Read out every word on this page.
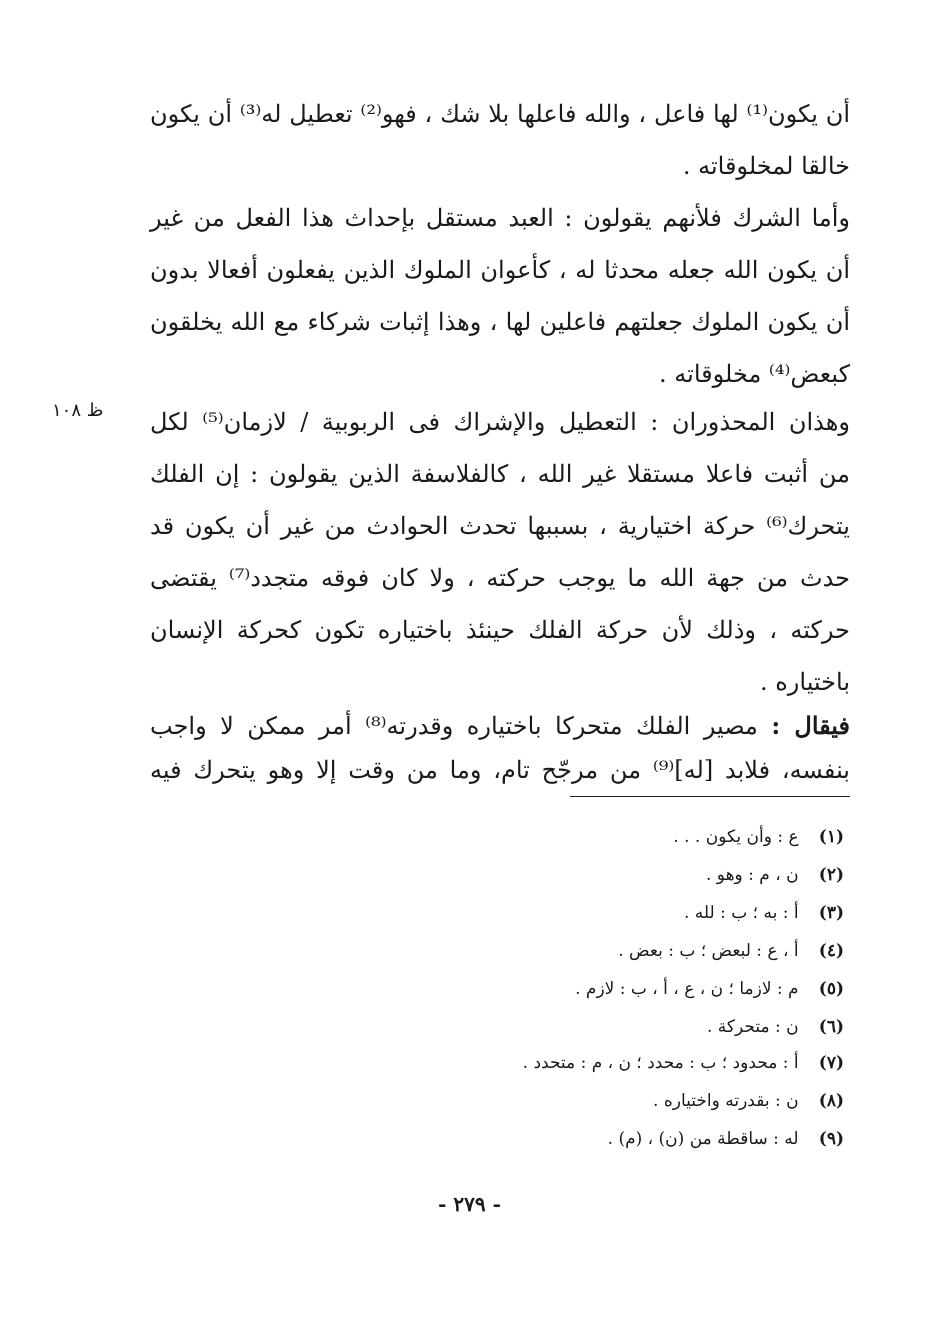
ظ ١٠٨
أن يكون⁽¹⁾ لها فاعل ، والله فاعلها بلا شك ، فهو⁽²⁾ تعطيل له⁽³⁾ أن يكون
خالقا لمخلوقاته .
وأما الشرك فلأنهم يقولون : العبد مستقل بإحداث هذا الفعل من غير
أن يكون الله جعله محدثا له ، كأعوان الملوك الذين يفعلون أفعالا بدون
أن يكون الملوك جعلتهم فاعلين لها ، وهذا إثبات شركاء مع الله يخلقون
كبعض⁽⁴⁾ مخلوقاته .
وهذان المحذوران : التعطيل والإشراك فى الربوبية / لازمان⁽⁵⁾ لكل
من أثبت فاعلا مستقلا غير الله ، كالفلاسفة الذين يقولون : إن الفلك
يتحرك⁽⁶⁾ حركة اختيارية ، بسببها تحدث الحوادث من غير أن يكون قد
حدث من جهة الله ما يوجب حركته ، ولا كان فوقه متجدد⁽⁷⁾ يقتضى
حركته ، وذلك لأن حركة الفلك حينئذ باختياره تكون كحركة الإنسان
باختياره .
فيقال : مصير الفلك متحركا باختياره وقدرته⁽⁸⁾ أمر ممكن لا واجب
بنفسه، فلابد [له]⁽⁹⁾ من مرجّح تام، وما من وقت إلا وهو يتحرك فيه
(١) ع : وأن يكون . . .
(٢) ن ، م : وهو .
(٣) أ : به ؛ ب : لله .
(٤) أ ، ع : لبعض ؛ ب : بعض .
(٥) م : لازما ؛ ن ، ع ، أ ، ب : لازم .
(٦) ن : متحركة .
(٧) أ : محدود ؛ ب : محدد ؛ ن ، م : متحدد .
(٨) ن : بقدرته واختياره .
(٩) له : ساقطة من (ن) ، (م) .
- ٢٧٩ -
